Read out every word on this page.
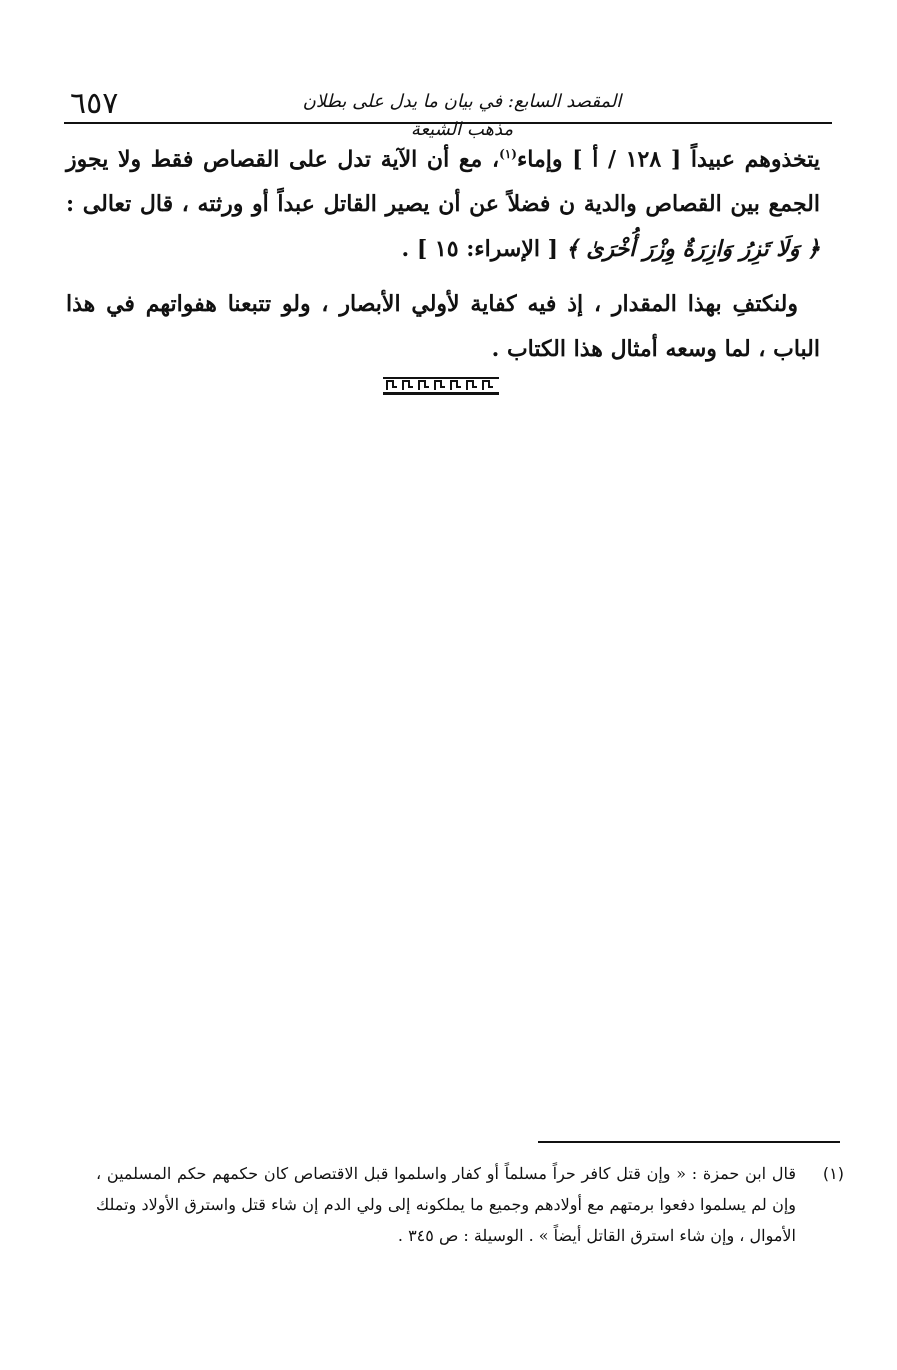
٦٥٧	المقصد السابع: في بيان ما يدل على بطلان مذهب الشيعة

يتخذوهم عبيداً [ ١٢٨ / أ ] وإماء$^{(١)}$، مع أن الآية تدل على القصاص فقط ولا يجوز الجمع بين القصاص والدية ن فضلاً عن أن يصير القاتل عبداً أو ورثته ، قال تعالى : ﴿ وَلَا تَزِرُ وَازِرَةٌ وِزْرَ أُخْرَىٰ ﴾ [ الإسراء: ١٥ ] .

ولنكتفِ بهذا المقدار ، إذ فيه كفاية لأولي الأبصار ، ولو تتبعنا هفواتهم في هذا الباب ، لما وسعه أمثال هذا الكتاب .

(١)
قال ابن حمزة : « وإن قتل كافر حراً مسلماً أو كفار واسلموا قبل الاقتصاص كان حكمهم حكم المسلمين ، وإن لم يسلموا دفعوا برمتهم مع أولادهم وجميع ما يملكونه إلى ولي الدم إن شاء قتل واسترق الأولاد وتملك الأموال ، وإن شاء استرق القاتل أيضاً » . الوسيلة : ص ٣٤٥ .
